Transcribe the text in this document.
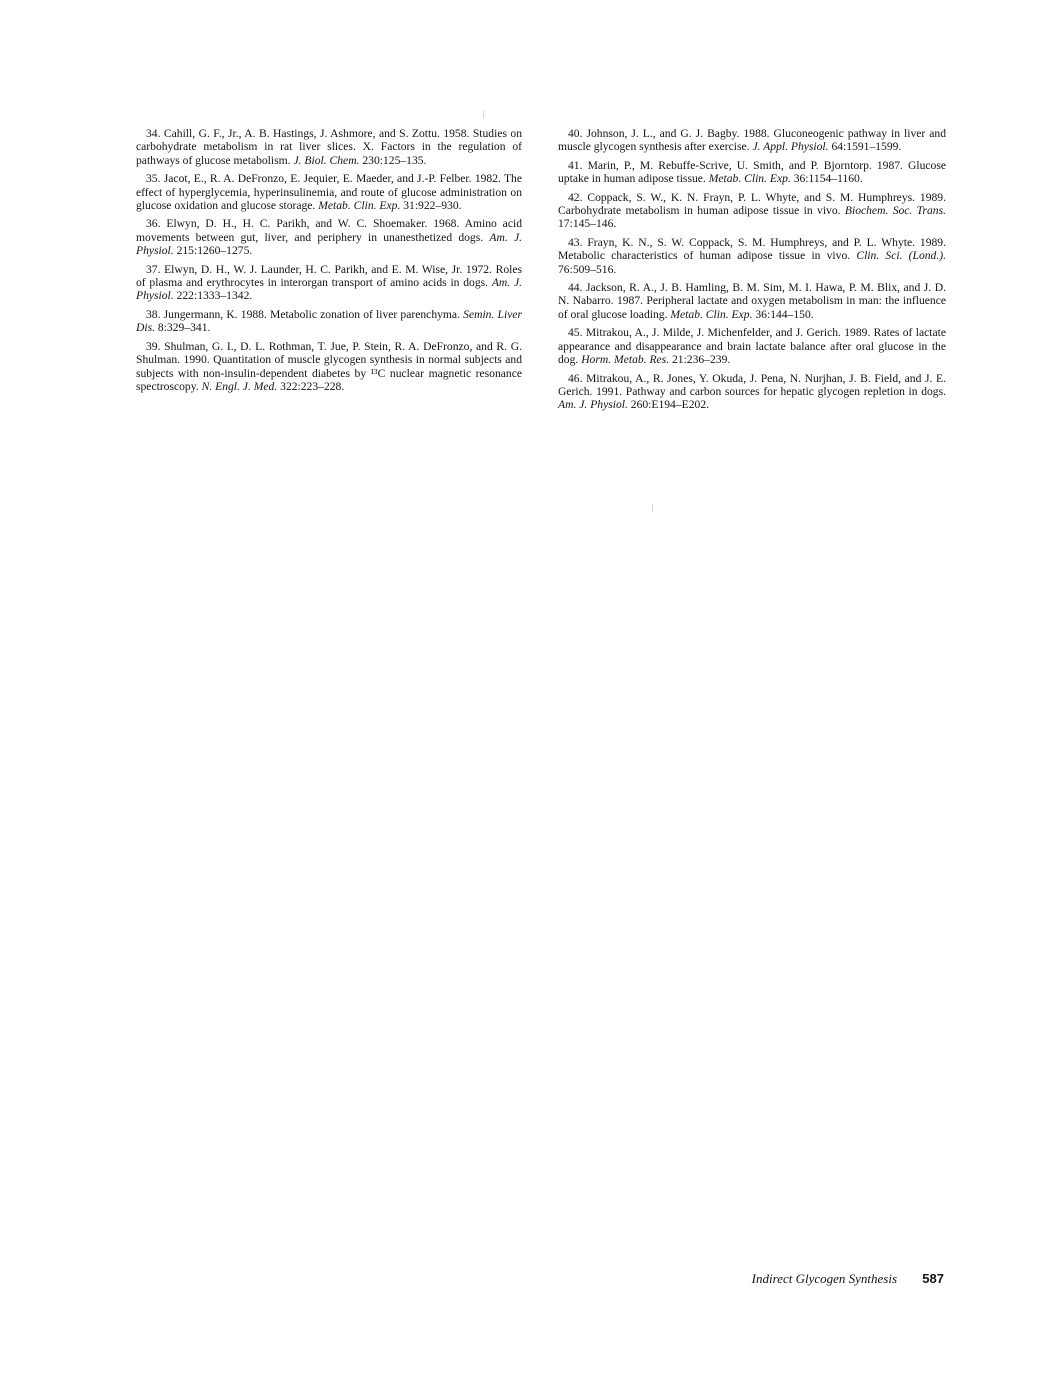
34. Cahill, G. F., Jr., A. B. Hastings, J. Ashmore, and S. Zottu. 1958. Studies on carbohydrate metabolism in rat liver slices. X. Factors in the regulation of pathways of glucose metabolism. J. Biol. Chem. 230:125–135.

35. Jacot, E., R. A. DeFronzo, E. Jequier, E. Maeder, and J.-P. Felber. 1982. The effect of hyperglycemia, hyperinsulinemia, and route of glucose administration on glucose oxidation and glucose storage. Metab. Clin. Exp. 31:922–930.

36. Elwyn, D. H., H. C. Parikh, and W. C. Shoemaker. 1968. Amino acid movements between gut, liver, and periphery in unanesthetized dogs. Am. J. Physiol. 215:1260–1275.

37. Elwyn, D. H., W. J. Launder, H. C. Parikh, and E. M. Wise, Jr. 1972. Roles of plasma and erythrocytes in interorgan transport of amino acids in dogs. Am. J. Physiol. 222:1333–1342.

38. Jungermann, K. 1988. Metabolic zonation of liver parenchyma. Semin. Liver Dis. 8:329–341.

39. Shulman, G. I., D. L. Rothman, T. Jue, P. Stein, R. A. DeFronzo, and R. G. Shulman. 1990. Quantitation of muscle glycogen synthesis in normal subjects and subjects with non-insulin-dependent diabetes by ¹³C nuclear magnetic resonance spectroscopy. N. Engl. J. Med. 322:223–228.

40. Johnson, J. L., and G. J. Bagby. 1988. Gluconeogenic pathway in liver and muscle glycogen synthesis after exercise. J. Appl. Physiol. 64:1591–1599.

41. Marin, P., M. Rebuffe-Scrive, U. Smith, and P. Bjorntorp. 1987. Glucose uptake in human adipose tissue. Metab. Clin. Exp. 36:1154–1160.

42. Coppack, S. W., K. N. Frayn, P. L. Whyte, and S. M. Humphreys. 1989. Carbohydrate metabolism in human adipose tissue in vivo. Biochem. Soc. Trans. 17:145–146.

43. Frayn, K. N., S. W. Coppack, S. M. Humphreys, and P. L. Whyte. 1989. Metabolic characteristics of human adipose tissue in vivo. Clin. Sci. (Lond.). 76:509–516.

44. Jackson, R. A., J. B. Hamling, B. M. Sim, M. I. Hawa, P. M. Blix, and J. D. N. Nabarro. 1987. Peripheral lactate and oxygen metabolism in man: the influence of oral glucose loading. Metab. Clin. Exp. 36:144–150.

45. Mitrakou, A., J. Milde, J. Michenfelder, and J. Gerich. 1989. Rates of lactate appearance and disappearance and brain lactate balance after oral glucose in the dog. Horm. Metab. Res. 21:236–239.

46. Mitrakou, A., R. Jones, Y. Okuda, J. Pena, N. Nurjhan, J. B. Field, and J. E. Gerich. 1991. Pathway and carbon sources for hepatic glycogen repletion in dogs. Am. J. Physiol. 260:E194–E202.

Indirect Glycogen Synthesis 587
